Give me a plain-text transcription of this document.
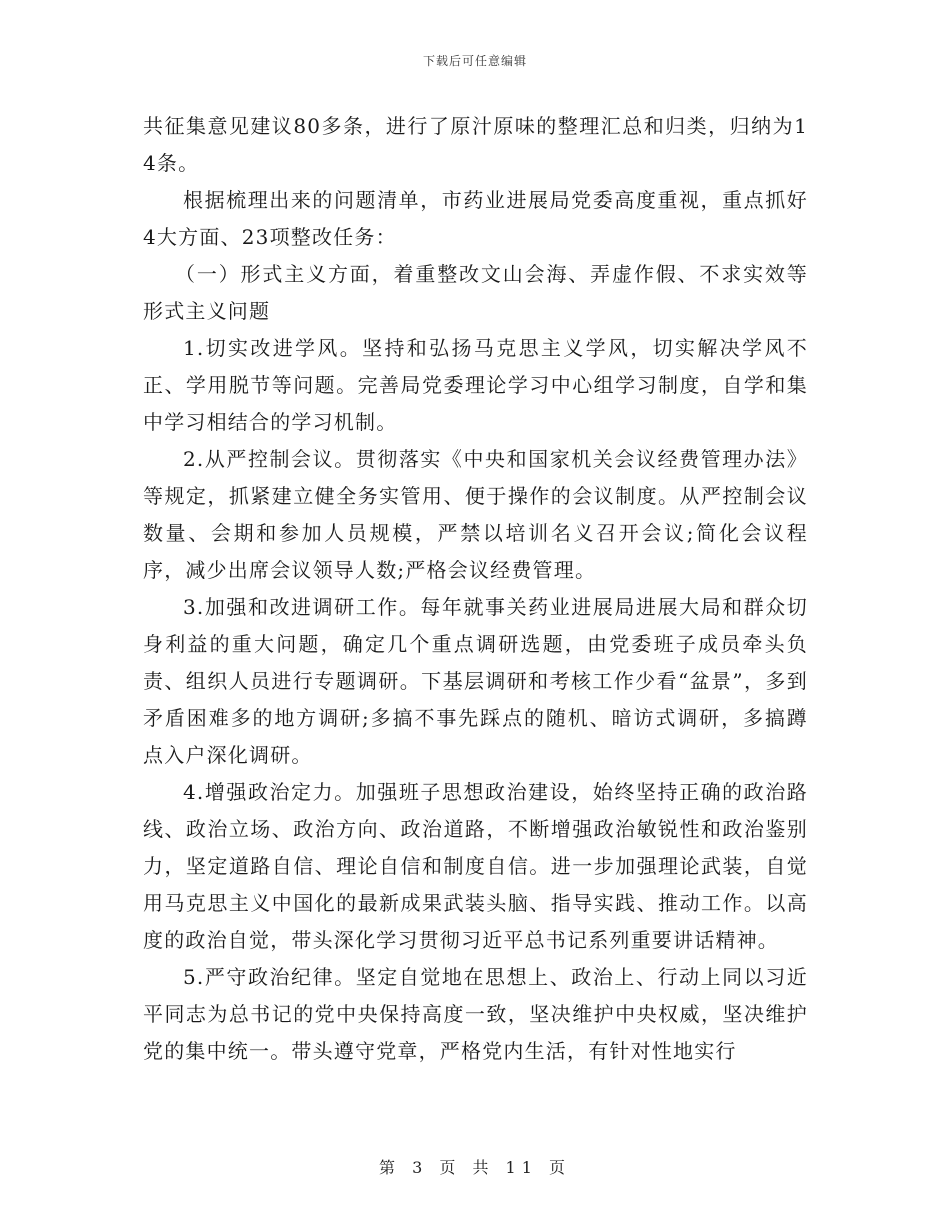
下载后可任意编辑

共征集意见建议80多条，进行了原汁原味的整理汇总和归类，归纳为14条。

根据梳理出来的问题清单，市药业进展局党委高度重视，重点抓好4大方面、23项整改任务：

（一）形式主义方面，着重整改文山会海、弄虚作假、不求实效等形式主义问题

1.切实改进学风。坚持和弘扬马克思主义学风，切实解决学风不正、学用脱节等问题。完善局党委理论学习中心组学习制度，自学和集中学习相结合的学习机制。

2.从严控制会议。贯彻落实《中央和国家机关会议经费管理办法》等规定，抓紧建立健全务实管用、便于操作的会议制度。从严控制会议数量、会期和参加人员规模，严禁以培训名义召开会议;简化会议程序，减少出席会议领导人数;严格会议经费管理。

3.加强和改进调研工作。每年就事关药业进展局进展大局和群众切身利益的重大问题，确定几个重点调研选题，由党委班子成员牵头负责、组织人员进行专题调研。下基层调研和考核工作少看“盆景”，多到矛盾困难多的地方调研;多搞不事先踩点的随机、暗访式调研，多搞蹲点入户深化调研。

4.增强政治定力。加强班子思想政治建设，始终坚持正确的政治路线、政治立场、政治方向、政治道路，不断增强政治敏锐性和政治鉴别力，坚定道路自信、理论自信和制度自信。进一步加强理论武装，自觉用马克思主义中国化的最新成果武装头脑、指导实践、推动工作。以高度的政治自觉，带头深化学习贯彻习近平总书记系列重要讲话精神。

5.严守政治纪律。坚定自觉地在思想上、政治上、行动上同以习近平同志为总书记的党中央保持高度一致，坚决维护中央权威，坚决维护党的集中统一。带头遵守党章，严格党内生活，有针对性地实行

第 3 页 共 11 页
